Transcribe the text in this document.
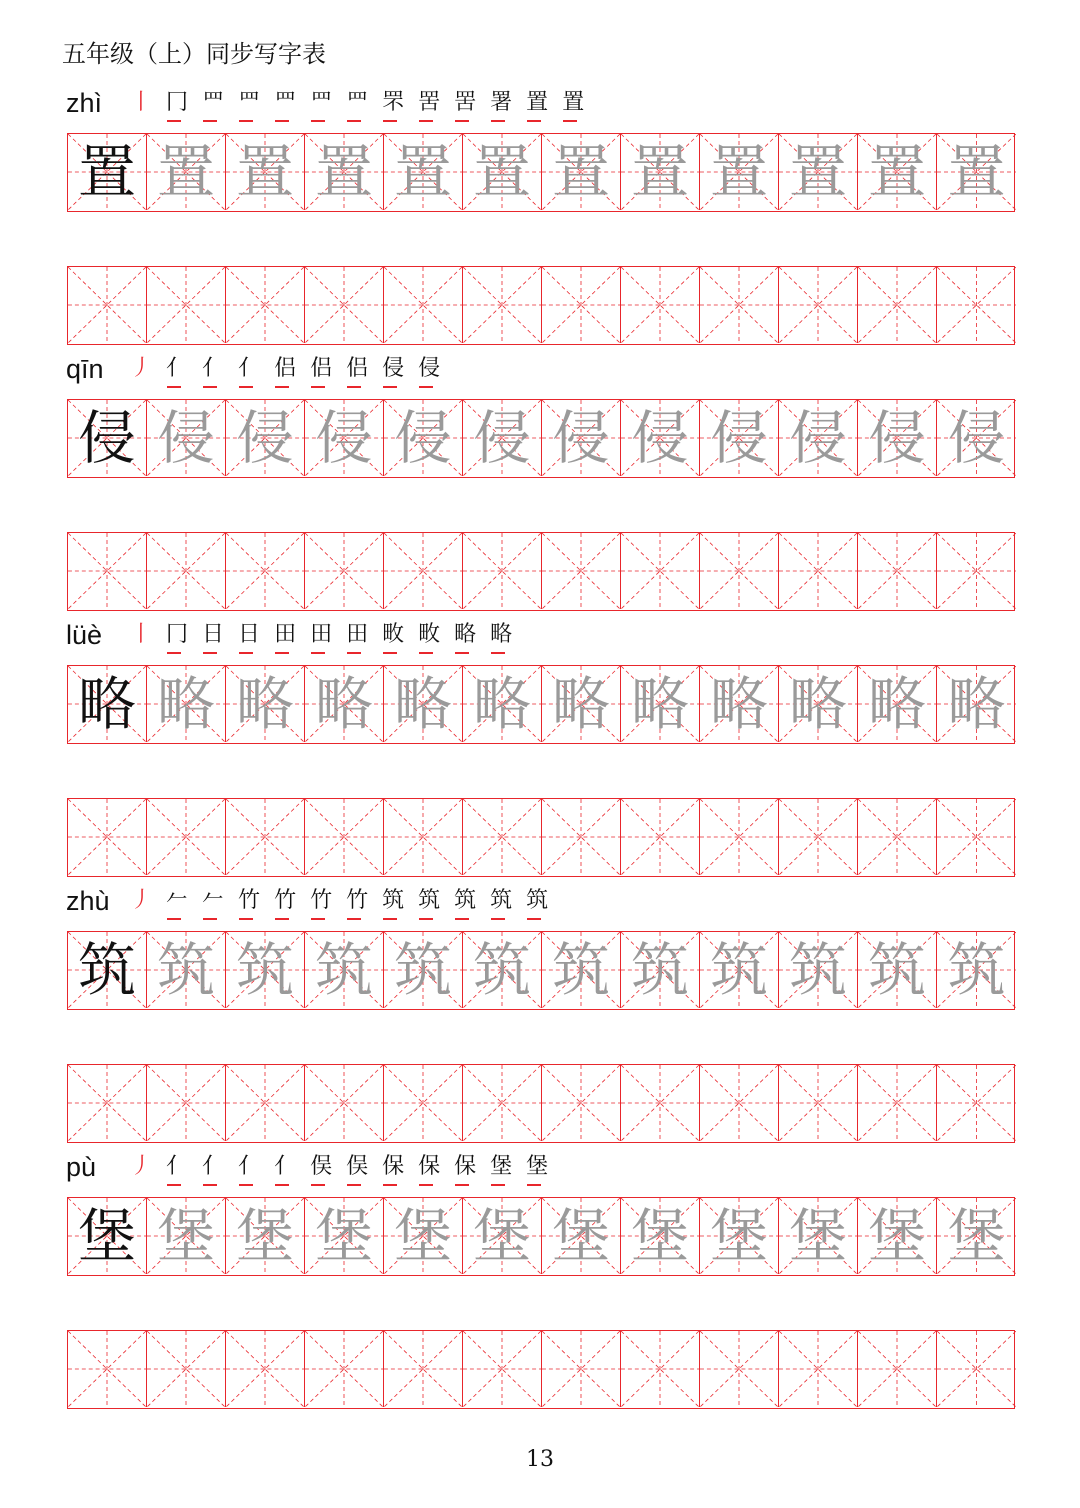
五年级（上）同步写字表
zhì 丨 冂 罒 罒 罒 罒 罒 罘 罟 罟 署 置 置
置 置 置 置 置 置 置 置 置 置 置 置
qīn 丿 亻 亻 亻 侣 侣 侣 侵 侵
侵 侵 侵 侵 侵 侵 侵 侵 侵 侵 侵 侵
lüè 丨 冂 日 日 田 田 田 畋 畋 略 略
略 略 略 略 略 略 略 略 略 略 略 略
zhù 丿 𠂉 𠂉 竹 竹 竹 竹 筑 筑 筑 筑 筑
筑 筑 筑 筑 筑 筑 筑 筑 筑 筑 筑 筑
pù 丿 亻 亻 亻 亻 俣 俣 保 保 保 堡 堡
堡 堡 堡 堡 堡 堡 堡 堡 堡 堡 堡 堡
13
